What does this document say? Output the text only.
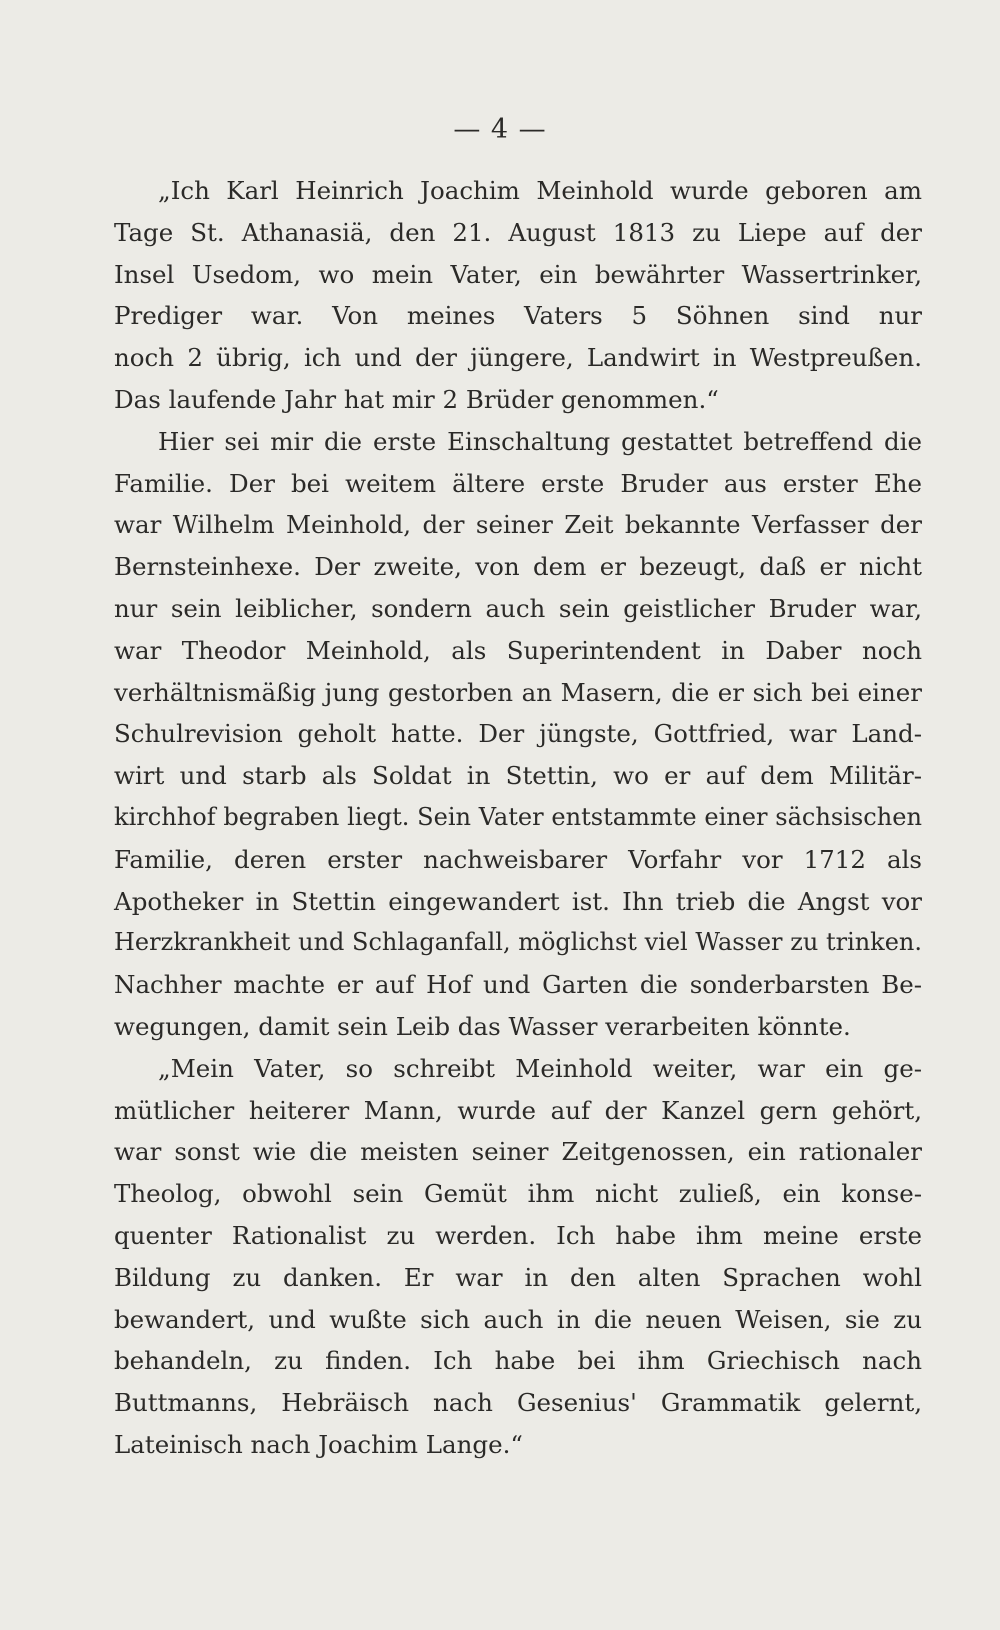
— 4 —
„Ich Karl Heinrich Joachim Meinhold wurde geboren am
Tage St. Athanasiä, den 21. August 1813 zu Liepe auf der
Insel Usedom, wo mein Vater, ein bewährter Wassertrinker,
Prediger war. Von meines Vaters 5 Söhnen sind nur
noch 2 übrig, ich und der jüngere, Landwirt in Westpreußen.
Das laufende Jahr hat mir 2 Brüder genommen.“
Hier sei mir die erste Einschaltung gestattet betreffend die
Familie. Der bei weitem ältere erste Bruder aus erster Ehe
war Wilhelm Meinhold, der seiner Zeit bekannte Verfasser der
Bernsteinhexe. Der zweite, von dem er bezeugt, daß er nicht
nur sein leiblicher, sondern auch sein geistlicher Bruder war,
war Theodor Meinhold, als Superintendent in Daber noch
verhältnismäßig jung gestorben an Masern, die er sich bei einer
Schulrevision geholt hatte. Der jüngste, Gottfried, war Land-
wirt und starb als Soldat in Stettin, wo er auf dem Militär-
kirchhof begraben liegt. Sein Vater entstammte einer sächsischen
Familie, deren erster nachweisbarer Vorfahr vor 1712 als
Apotheker in Stettin eingewandert ist. Ihn trieb die Angst vor
Herzkrankheit und Schlaganfall, möglichst viel Wasser zu trinken.
Nachher machte er auf Hof und Garten die sonderbarsten Be-
wegungen, damit sein Leib das Wasser verarbeiten könnte.
„Mein Vater, so schreibt Meinhold weiter, war ein ge-
mütlicher heiterer Mann, wurde auf der Kanzel gern gehört,
war sonst wie die meisten seiner Zeitgenossen, ein rationaler
Theolog, obwohl sein Gemüt ihm nicht zuließ, ein konse-
quenter Rationalist zu werden. Ich habe ihm meine erste
Bildung zu danken. Er war in den alten Sprachen wohl
bewandert, und wußte sich auch in die neuen Weisen, sie zu
behandeln, zu finden. Ich habe bei ihm Griechisch nach
Buttmanns, Hebräisch nach Gesenius' Grammatik gelernt,
Lateinisch nach Joachim Lange.“
